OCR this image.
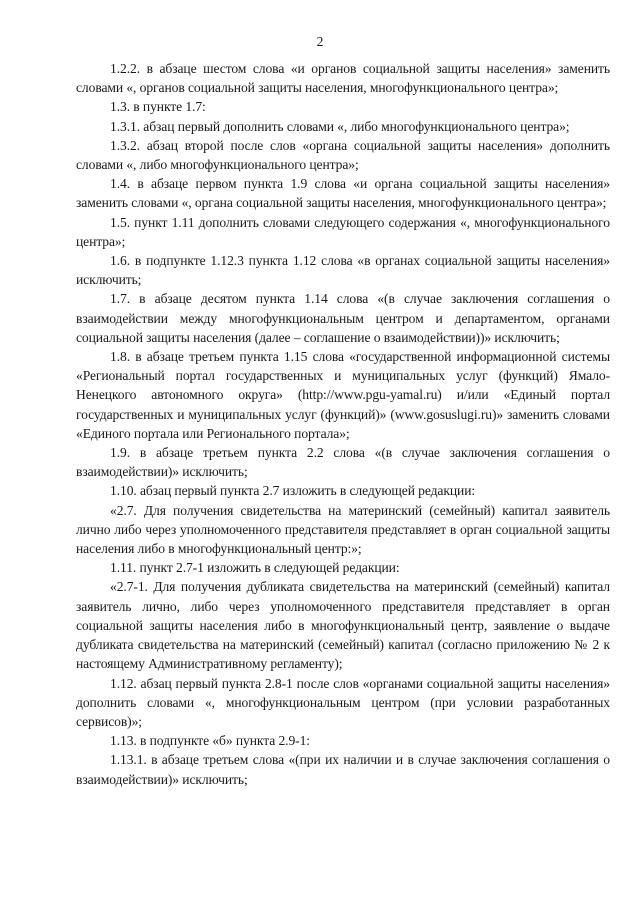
2

1.2.2. в абзаце шестом слова «и органов социальной защиты населения» заменить словами «, органов социальной защиты населения, многофункционального центра»;

1.3. в пункте 1.7:

1.3.1. абзац первый дополнить словами «, либо многофункционального центра»;

1.3.2. абзац второй после слов «органа социальной защиты населения» дополнить словами «, либо многофункционального центра»;

1.4. в абзаце первом пункта 1.9 слова «и органа социальной защиты населения» заменить словами «, органа социальной защиты населения, многофункционального центра»;

1.5. пункт 1.11 дополнить словами следующего содержания «, многофункционального центра»;

1.6. в подпункте 1.12.3 пункта 1.12 слова «в органах социальной защиты населения» исключить;

1.7. в абзаце десятом пункта 1.14 слова «(в случае заключения соглашения о взаимодействии между многофункциональным центром и департаментом, органами социальной защиты населения (далее – соглашение о взаимодействии))» исключить;

1.8. в абзаце третьем пункта 1.15 слова «государственной информационной системы «Региональный портал государственных и муниципальных услуг (функций) Ямало-Ненецкого автономного округа» (http://www.pgu-yamal.ru) и/или «Единый портал государственных и муниципальных услуг (функций)» (www.gosuslugi.ru)» заменить словами «Единого портала или Регионального портала»;

1.9. в абзаце третьем пункта 2.2 слова «(в случае заключения соглашения о взаимодействии)» исключить;

1.10. абзац первый пункта 2.7 изложить в следующей редакции:

«2.7. Для получения свидетельства на материнский (семейный) капитал заявитель лично либо через уполномоченного представителя представляет в орган социальной защиты населения либо в многофункциональный центр:»;

1.11. пункт 2.7-1 изложить в следующей редакции:

«2.7-1. Для получения дубликата свидетельства на материнский (семейный) капитал заявитель лично, либо через уполномоченного представителя представляет в орган социальной защиты населения либо в многофункциональный центр, заявление о выдаче дубликата свидетельства на материнский (семейный) капитал (согласно приложению № 2 к настоящему Административному регламенту);

1.12. абзац первый пункта 2.8-1 после слов «органами социальной защиты населения» дополнить словами «, многофункциональным центром (при условии разработанных сервисов)»;

1.13. в подпункте «б» пункта 2.9-1:

1.13.1. в абзаце третьем слова «(при их наличии и в случае заключения соглашения о взаимодействии)» исключить;
